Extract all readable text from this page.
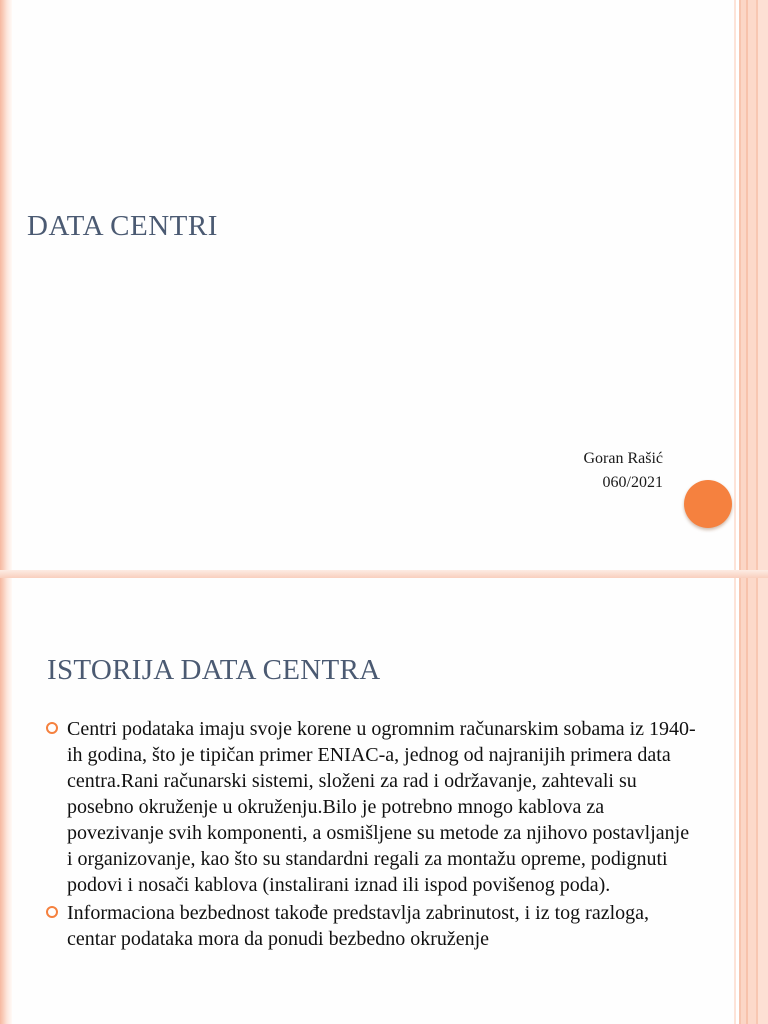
DATA CENTRI
Goran Rašić
060/2021
ISTORIJA DATA CENTRA
Centri podataka imaju svoje korene u ogromnim računarskim sobama iz 1940-ih godina, što je tipičan primer ENIAC-a, jednog od najranijih primera data centra.Rani računarski sistemi, složeni za rad i održavanje, zahtevali su posebno okruženje u okruženju.Bilo je potrebno mnogo kablova za povezivanje svih komponenti, a osmišljene su metode za njihovo postavljanje i organizovanje, kao što su standardni regali za montažu opreme, podignuti podovi i nosači kablova (instalirani iznad ili ispod povišenog poda).
Informaciona bezbednost takođe predstavlja zabrinutost, i iz tog razloga, centar podataka mora da ponudi bezbedno okruženje
